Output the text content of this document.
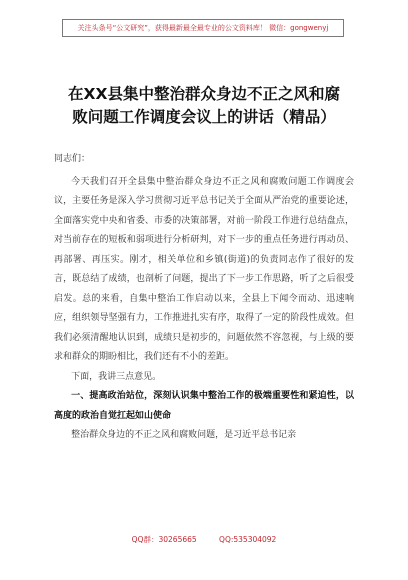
关注头条号“公文研究”，获得最新最全最专业的公文资料库！ 微信：gongwenyj
在XX县集中整治群众身边不正之风和腐
败问题工作调度会议上的讲话（精品）

同志们：

今天我们召开全县集中整治群众身边不正之风和腐败问题工作调度会议，主要任务是深入学习贯彻习近平总书记关于全面从严治党的重要论述，全面落实党中央和省委、市委的决策部署，对前一阶段工作进行总结盘点，对当前存在的短板和弱项进行分析研判，对下一步的重点任务进行再动员、再部署、再压实。刚才，相关单位和乡镇(街道)的负责同志作了很好的发言，既总结了成绩，也剖析了问题，提出了下一步工作思路，听了之后很受启发。总的来看，自集中整治工作启动以来，全县上下闻令而动、迅速响应，组织领导坚强有力，工作推进扎实有序，取得了一定的阶段性成效。但我们必须清醒地认识到，成绩只是初步的，问题依然不容忽视，与上级的要求和群众的期盼相比，我们还有不小的差距。

下面，我讲三点意见。

一、提高政治站位，深刻认识集中整治工作的极端重要性和紧迫性，以高度的政治自觉扛起如山使命

整治群众身边的不正之风和腐败问题，是习近平总书记亲

QQ群：30265665	QQ:535304092
